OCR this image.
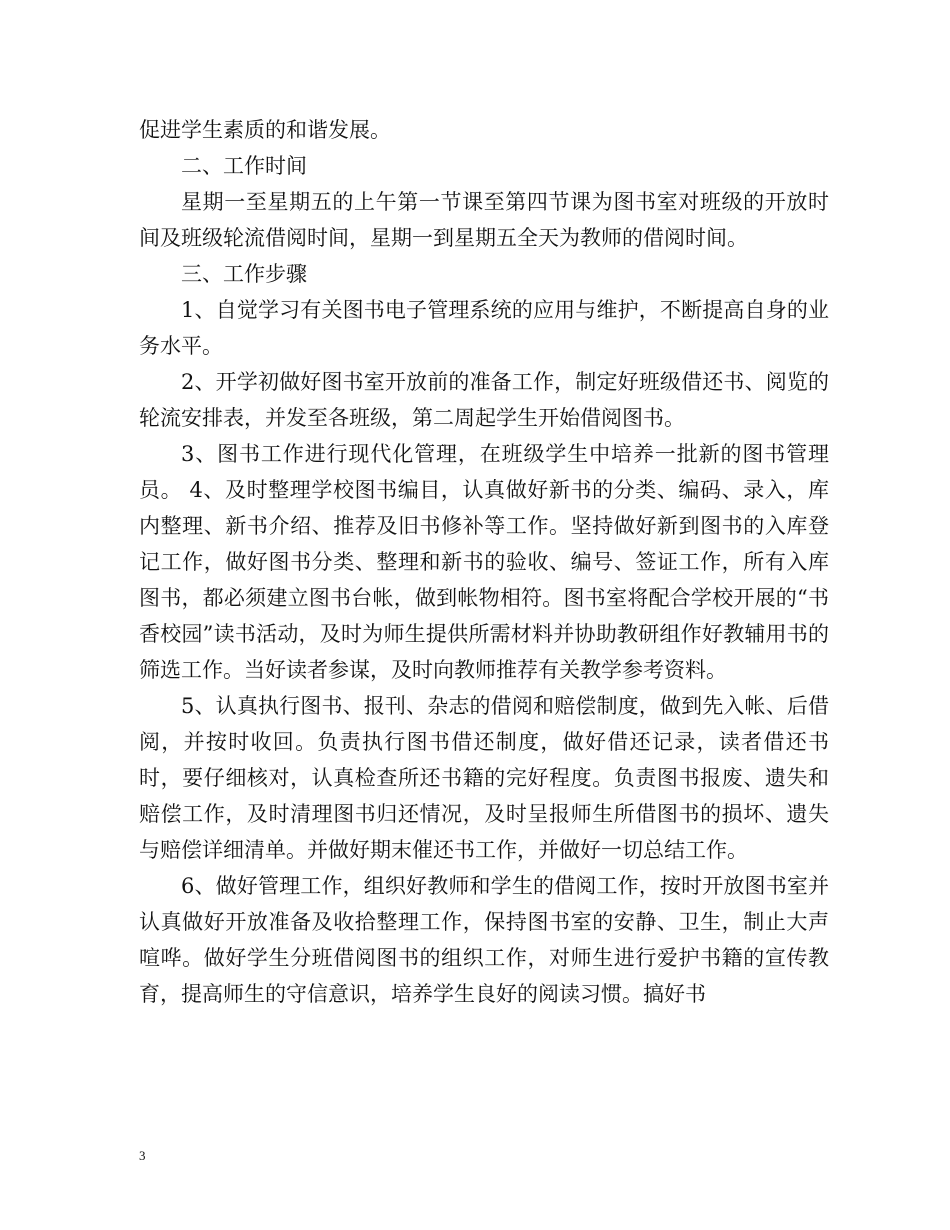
促进学生素质的和谐发展。

二、工作时间

星期一至星期五的上午第一节课至第四节课为图书室对班级的开放时间及班级轮流借阅时间，星期一到星期五全天为教师的借阅时间。

三、工作步骤

1、自觉学习有关图书电子管理系统的应用与维护，不断提高自身的业务水平。

2、开学初做好图书室开放前的准备工作，制定好班级借还书、阅览的轮流安排表，并发至各班级，第二周起学生开始借阅图书。

3、图书工作进行现代化管理，在班级学生中培养一批新的图书管理员。 4、及时整理学校图书编目，认真做好新书的分类、编码、录入，库内整理、新书介绍、推荐及旧书修补等工作。坚持做好新到图书的入库登记工作，做好图书分类、整理和新书的验收、编号、签证工作，所有入库图书，都必须建立图书台帐，做到帐物相符。图书室将配合学校开展的“书香校园”读书活动，及时为师生提供所需材料并协助教研组作好教辅用书的筛选工作。当好读者参谋，及时向教师推荐有关教学参考资料。

5、认真执行图书、报刊、杂志的借阅和赔偿制度，做到先入帐、后借阅，并按时收回。负责执行图书借还制度，做好借还记录，读者借还书时，要仔细核对，认真检查所还书籍的完好程度。负责图书报废、遗失和赔偿工作，及时清理图书归还情况，及时呈报师生所借图书的损坏、遗失与赔偿详细清单。并做好期末催还书工作，并做好一切总结工作。

6、做好管理工作，组织好教师和学生的借阅工作，按时开放图书室并认真做好开放准备及收拾整理工作，保持图书室的安静、卫生，制止大声喧哗。做好学生分班借阅图书的组织工作，对师生进行爱护书籍的宣传教育，提高师生的守信意识，培养学生良好的阅读习惯。搞好书

3
